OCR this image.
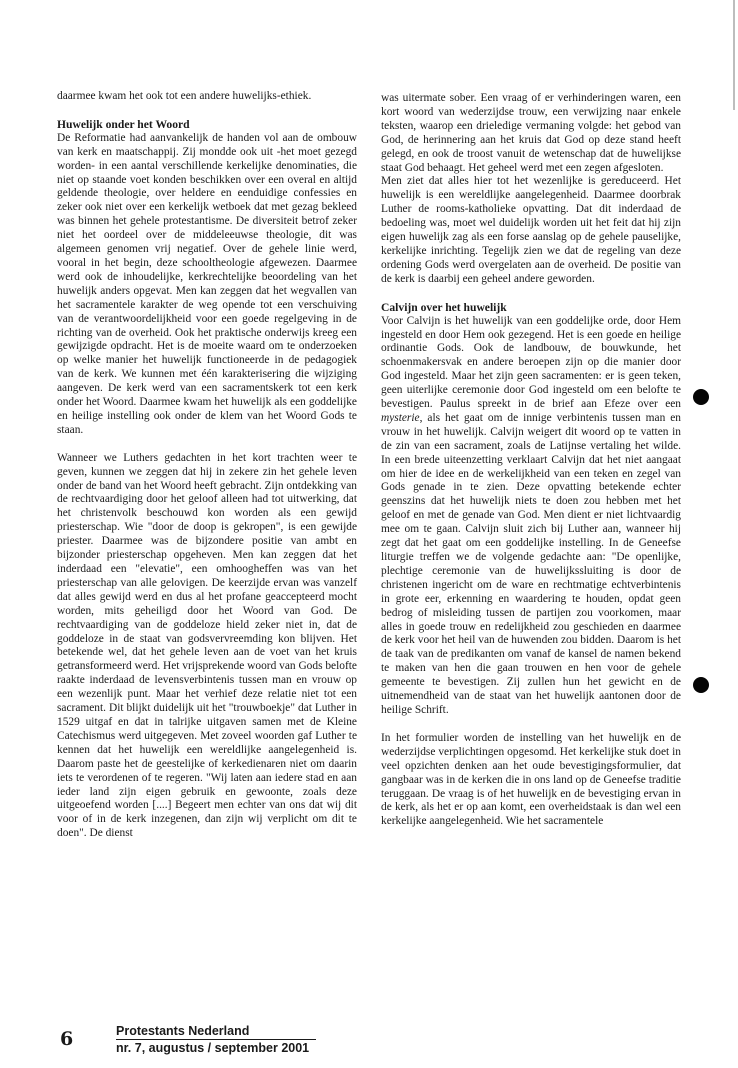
daarmee kwam het ook tot een andere huwelijks-ethiek.

Huwelijk onder het Woord

De Reformatie had aanvankelijk de handen vol aan de ombouw van kerk en maatschappij. Zij mondde ook uit -het moet gezegd worden- in een aantal verschillende kerkelijke denominaties, die niet op staande voet konden beschikken over een overal en altijd geldende theologie, over heldere en eenduidige confessies en zeker ook niet over een kerkelijk wetboek dat met gezag bekleed was binnen het gehele protestantisme. De diversiteit betrof zeker niet het oordeel over de middeleeuwse theologie, dit was algemeen genomen vrij negatief. Over de gehele linie werd, vooral in het begin, deze schooltheologie afgewezen. Daarmee werd ook de inhoudelijke, kerkrechtelijke beoordeling van het huwelijk anders opgevat. Men kan zeggen dat het wegvallen van het sacramentele karakter de weg opende tot een verschuiving van de verantwoordelijkheid voor een goede regelgeving in de richting van de overheid. Ook het praktische onderwijs kreeg een gewijzigde opdracht. Het is de moeite waard om te onderzoeken op welke manier het huwelijk functioneerde in de pedagogiek van de kerk. We kunnen met één karakterisering die wijziging aangeven. De kerk werd van een sacramentskerk tot een kerk onder het Woord. Daarmee kwam het huwelijk als een goddelijke en heilige instelling ook onder de klem van het Woord Gods te staan.

Wanneer we Luthers gedachten in het kort trachten weer te geven, kunnen we zeggen dat hij in zekere zin het gehele leven onder de band van het Woord heeft gebracht. Zijn ontdekking van de rechtvaardiging door het geloof alleen had tot uitwerking, dat het christenvolk beschouwd kon worden als een gewijd priesterschap. Wie "door de doop is gekropen", is een gewijde priester. Daarmee was de bijzondere positie van ambt en bijzonder priesterschap opgeheven. Men kan zeggen dat het inderdaad een "elevatie", een omhoogheffen was van het priesterschap van alle gelovigen. De keerzijde ervan was vanzelf dat alles gewijd werd en dus al het profane geaccepteerd mocht worden, mits geheiligd door het Woord van God. De rechtvaardiging van de goddeloze hield zeker niet in, dat de goddeloze in de staat van godsvervreemding kon blijven. Het betekende wel, dat het gehele leven aan de voet van het kruis getransformeerd werd. Het vrijsprekende woord van Gods belofte raakte inderdaad de levensverbintenis tussen man en vrouw op een wezenlijk punt. Maar het verhief deze relatie niet tot een sacrament. Dit blijkt duidelijk uit het "trouwboekje" dat Luther in 1529 uitgaf en dat in talrijke uitgaven samen met de Kleine Catechismus werd uitgegeven. Met zoveel woorden gaf Luther te kennen dat het huwelijk een wereldlijke aangelegenheid is. Daarom paste het de geestelijke of kerkedienaren niet om daarin iets te verordenen of te regeren. "Wij laten aan iedere stad en aan ieder land zijn eigen gebruik en gewoonte, zoals deze uitgeoefend worden [....] Begeert men echter van ons dat wij dit voor of in de kerk inzegenen, dan zijn wij verplicht om dit te doen". De dienst

was uitermate sober. Een vraag of er verhinderingen waren, een kort woord van wederzijdse trouw, een verwijzing naar enkele teksten, waarop een drieledige vermaning volgde: het gebod van God, de herinnering aan het kruis dat God op deze stand heeft gelegd, en ook de troost vanuit de wetenschap dat de huwelijkse staat God behaagt. Het geheel werd met een zegen afgesloten.

Men ziet dat alles hier tot het wezenlijke is gereduceerd. Het huwelijk is een wereldlijke aangelegenheid. Daarmee doorbrak Luther de rooms-katholieke opvatting. Dat dit inderdaad de bedoeling was, moet wel duidelijk worden uit het feit dat hij zijn eigen huwelijk zag als een forse aanslag op de gehele pauselijke, kerkelijke inrichting. Tegelijk zien we dat de regeling van deze ordening Gods werd overgelaten aan de overheid. De positie van de kerk is daarbij een geheel andere geworden.

Calvijn over het huwelijk

Voor Calvijn is het huwelijk van een goddelijke orde, door Hem ingesteld en door Hem ook gezegend. Het is een goede en heilige ordinantie Gods. Ook de landbouw, de bouwkunde, het schoenmakersvak en andere beroepen zijn op die manier door God ingesteld. Maar het zijn geen sacramenten: er is geen teken, geen uiterlijke ceremonie door God ingesteld om een belofte te bevestigen. Paulus spreekt in de brief aan Efeze over een mysterie, als het gaat om de innige verbintenis tussen man en vrouw in het huwelijk. Calvijn weigert dit woord op te vatten in de zin van een sacrament, zoals de Latijnse vertaling het wilde. In een brede uiteenzetting verklaart Calvijn dat het niet aangaat om hier de idee en de werkelijkheid van een teken en zegel van Gods genade in te zien. Deze opvatting betekende echter geenszins dat het huwelijk niets te doen zou hebben met het geloof en met de genade van God. Men dient er niet lichtvaardig mee om te gaan. Calvijn sluit zich bij Luther aan, wanneer hij zegt dat het gaat om een goddelijke instelling. In de Geneefse liturgie treffen we de volgende gedachte aan: "De openlijke, plechtige ceremonie van de huwelijkssluiting is door de christenen ingericht om de ware en rechtmatige echtverbintenis in grote eer, erkenning en waardering te houden, opdat geen bedrog of misleiding tussen de partijen zou voorkomen, maar alles in goede trouw en redelijkheid zou geschieden en daarmee de kerk voor het heil van de huwenden zou bidden. Daarom is het de taak van de predikanten om vanaf de kansel de namen bekend te maken van hen die gaan trouwen en hen voor de gehele gemeente te bevestigen. Zij zullen hun het gewicht en de uitnemendheid van de staat van het huwelijk aantonen door de heilige Schrift.

In het formulier worden de instelling van het huwelijk en de wederzijdse verplichtingen opgesomd. Het kerkelijke stuk doet in veel opzichten denken aan het oude bevestigingsformulier, dat gangbaar was in de kerken die in ons land op de Geneefse traditie teruggaan. De vraag is of het huwelijk en de bevestiging ervan in de kerk, als het er op aan komt, een overheidstaak is dan wel een kerkelijke aangelegenheid. Wie het sacramentele

6	Protestants Nederland
nr. 7, augustus / september 2001
